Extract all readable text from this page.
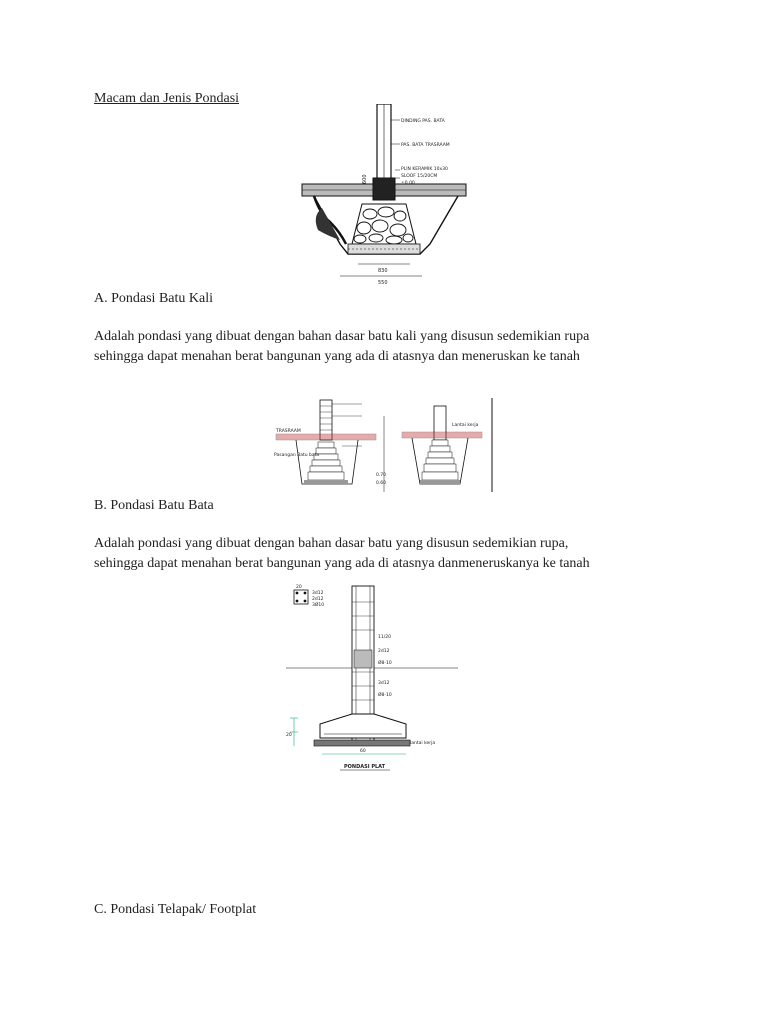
Macam dan Jenis Pondasi
830
550
600
DINDING PAS. BATA
PAS. BATA TRASRAAM
PLIN KERAMIK 10x30
SLOOF 15/20CM
±0.00
A. Pondasi Batu Kali
Adalah pondasi yang dibuat dengan bahan dasar batu kali yang disusun sedemikian rupa
sehingga dapat menahan berat bangunan yang ada di atasnya dan meneruskan ke tanah
TRASRAAM
Pasangan Batu bata
0.70
0.60
Lantai kerja
B. Pondasi Batu Bata
Adalah pondasi yang dibuat dengan bahan dasar batu yang disusun sedemikian rupa,
sehingga dapat menahan berat bangunan yang ada di atasnya danmeneruskanya ke tanah
20
3d12
2d12
3Ø10
20
60
11/20
2d12
Ø8-10
3d12
Ø8-10
lantai kerja
PONDASI PLAT
C. Pondasi Telapak/ Footplat
